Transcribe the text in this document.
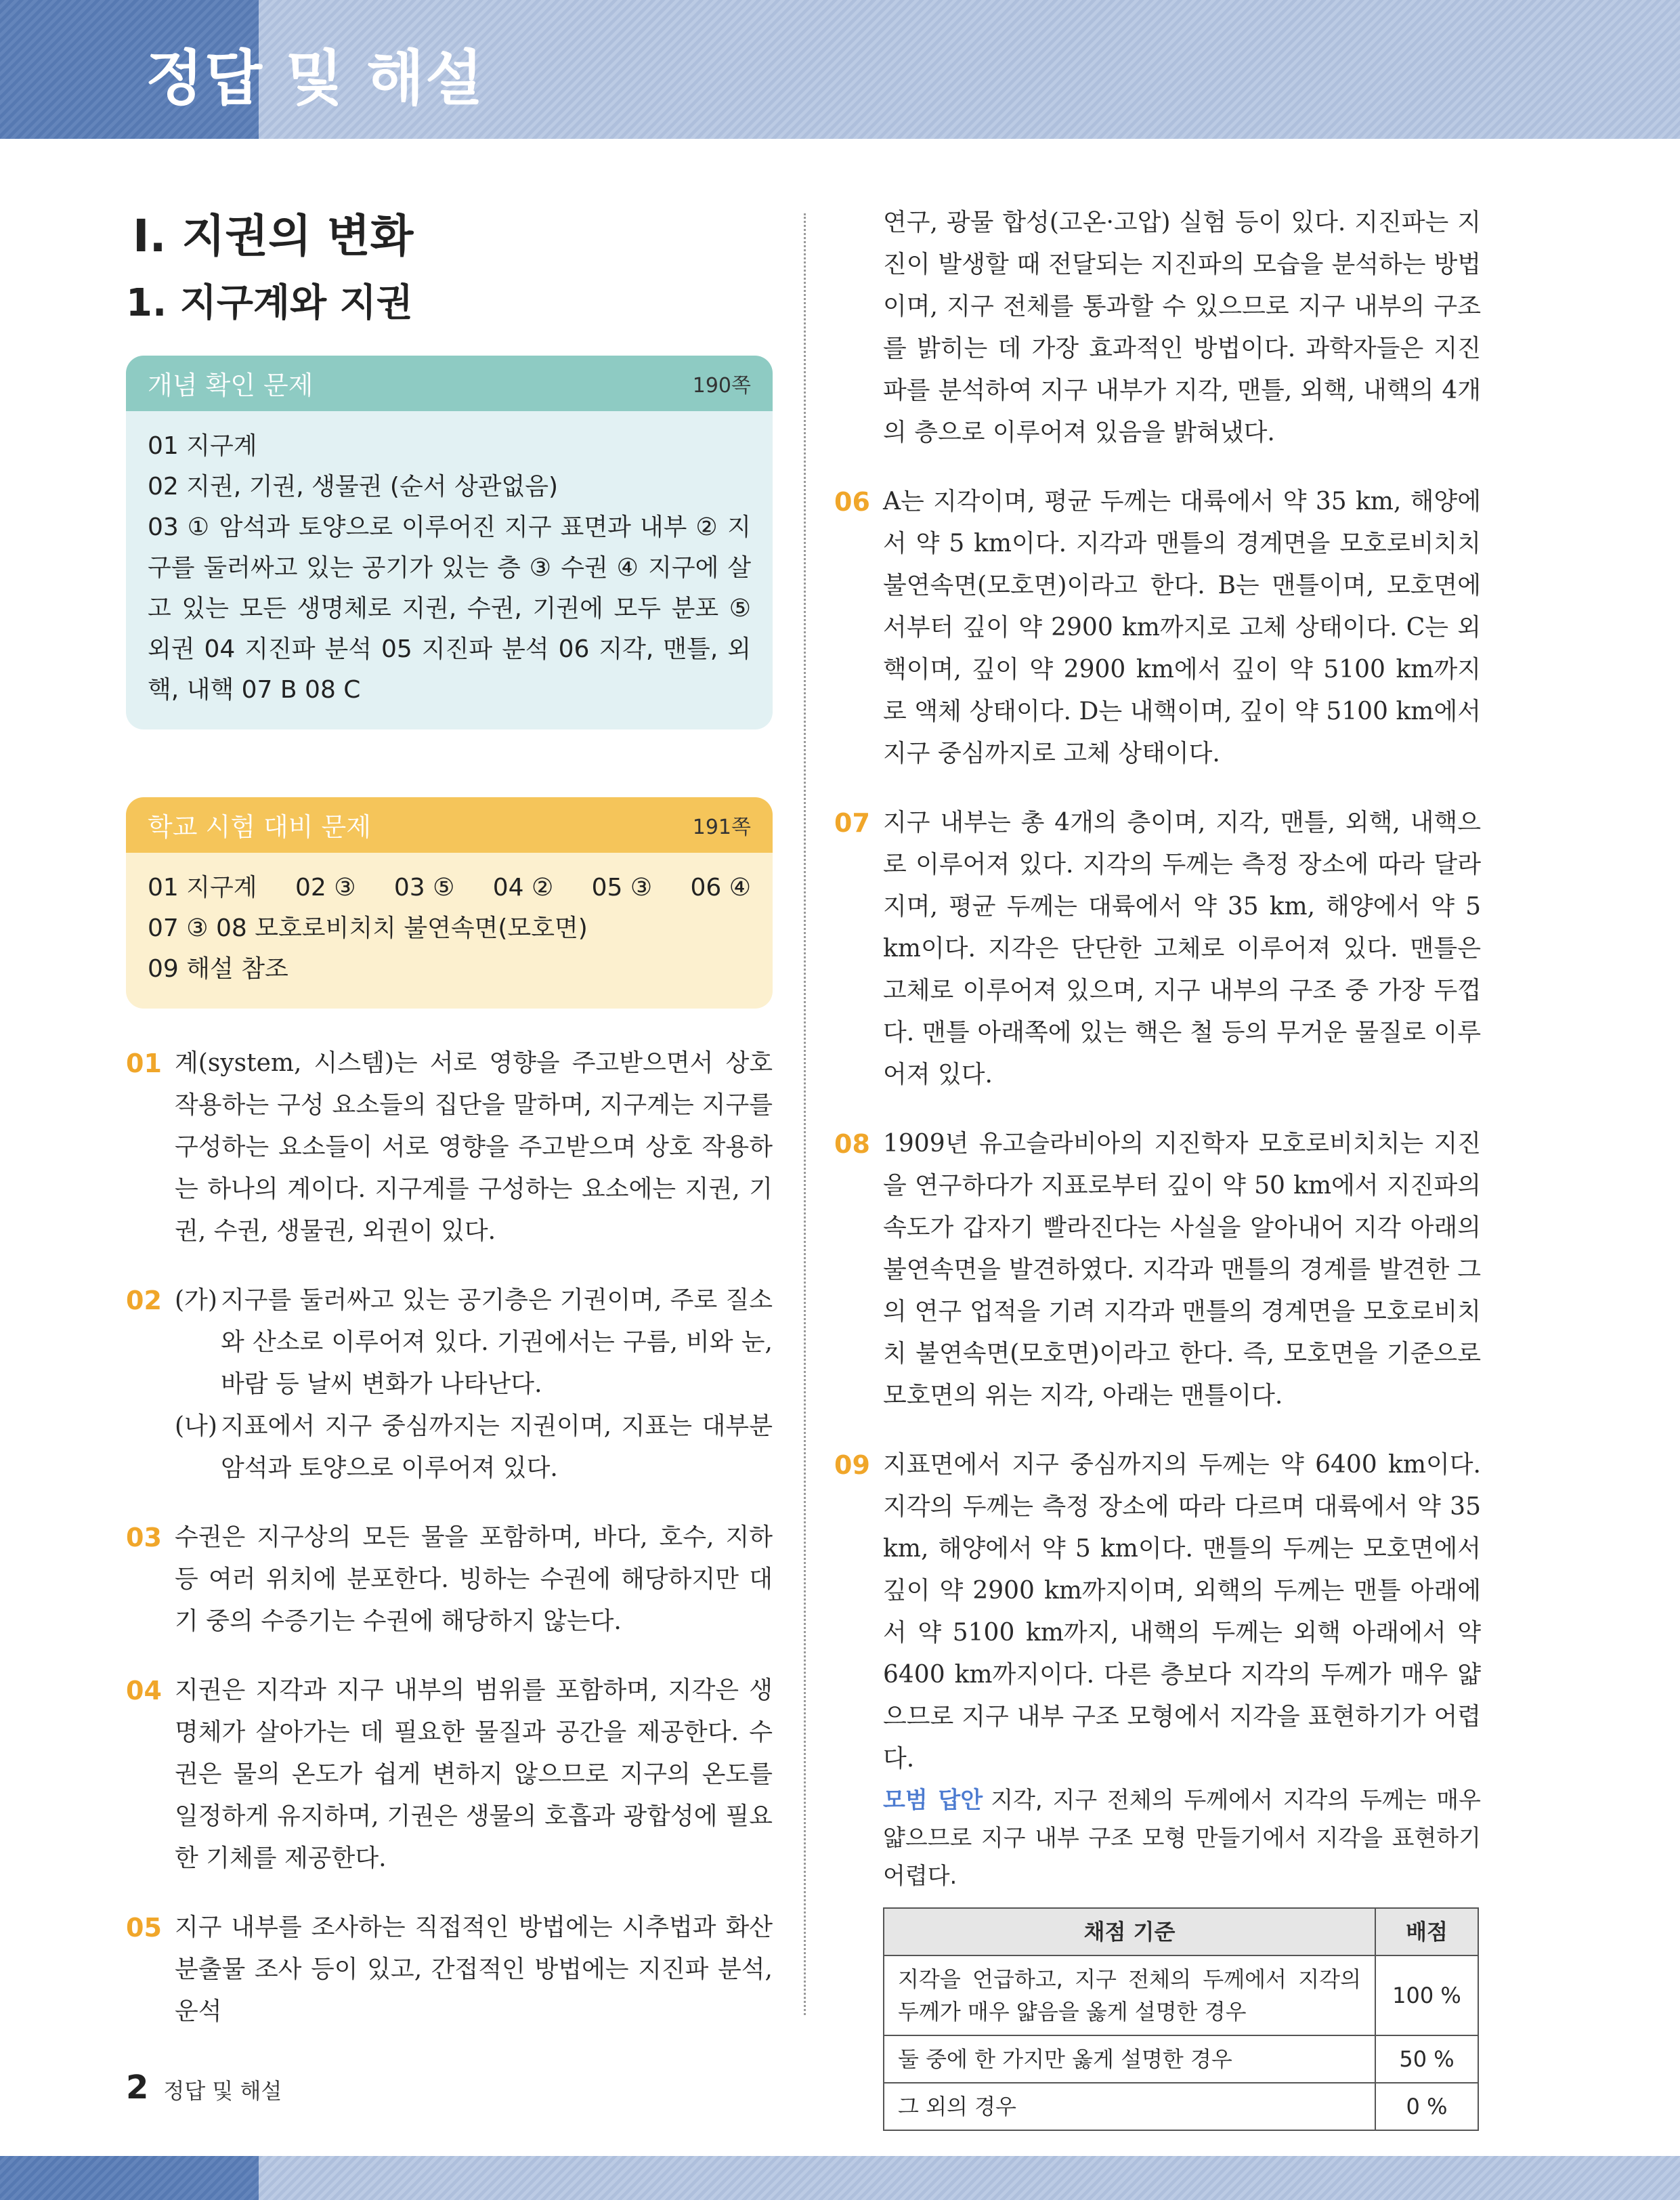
정답 및 해설
Ⅰ. 지권의 변화
1. 지구계와 지권
개념 확인 문제	190쪽
01 지구계
02 지권, 기권, 생물권 (순서 상관없음)
03 ① 암석과 토양으로 이루어진 지구 표면과 내부 ② 지구를 둘러싸고 있는 공기가 있는 층 ③ 수권 ④ 지구에 살고 있는 모든 생명체로 지권, 수권, 기권에 모두 분포 ⑤ 외권 04 지진파 분석 05 지진파 분석 06 지각, 맨틀, 외핵, 내핵 07 B 08 C
학교 시험 대비 문제	191쪽
01 지구계 02 ③ 03 ⑤ 04 ② 05 ③ 06 ④
07 ③ 08 모호로비치치 불연속면(모호면)
09 해설 참조
01 계(system, 시스템)는 서로 영향을 주고받으면서 상호 작용하는 구성 요소들의 집단을 말하며, 지구계는 지구를 구성하는 요소들이 서로 영향을 주고받으며 상호 작용하는 하나의 계이다. 지구계를 구성하는 요소에는 지권, 기권, 수권, 생물권, 외권이 있다.
02 (가) 지구를 둘러싸고 있는 공기층은 기권이며, 주로 질소와 산소로 이루어져 있다. 기권에서는 구름, 비와 눈, 바람 등 날씨 변화가 나타난다.
(나) 지표에서 지구 중심까지는 지권이며, 지표는 대부분 암석과 토양으로 이루어져 있다.
03 수권은 지구상의 모든 물을 포함하며, 바다, 호수, 지하 등 여러 위치에 분포한다. 빙하는 수권에 해당하지만 대기 중의 수증기는 수권에 해당하지 않는다.
04 지권은 지각과 지구 내부의 범위를 포함하며, 지각은 생명체가 살아가는 데 필요한 물질과 공간을 제공한다. 수권은 물의 온도가 쉽게 변하지 않으므로 지구의 온도를 일정하게 유지하며, 기권은 생물의 호흡과 광합성에 필요한 기체를 제공한다.
05 지구 내부를 조사하는 직접적인 방법에는 시추법과 화산 분출물 조사 등이 있고, 간접적인 방법에는 지진파 분석, 운석
연구, 광물 합성(고온·고압) 실험 등이 있다. 지진파는 지진이 발생할 때 전달되는 지진파의 모습을 분석하는 방법이며, 지구 전체를 통과할 수 있으므로 지구 내부의 구조를 밝히는 데 가장 효과적인 방법이다. 과학자들은 지진파를 분석하여 지구 내부가 지각, 맨틀, 외핵, 내핵의 4개의 층으로 이루어져 있음을 밝혀냈다.
06 A는 지각이며, 평균 두께는 대륙에서 약 35 km, 해양에서 약 5 km이다. 지각과 맨틀의 경계면을 모호로비치치 불연속면(모호면)이라고 한다. B는 맨틀이며, 모호면에서부터 깊이 약 2900 km까지로 고체 상태이다. C는 외핵이며, 깊이 약 2900 km에서 깊이 약 5100 km까지로 액체 상태이다. D는 내핵이며, 깊이 약 5100 km에서 지구 중심까지로 고체 상태이다.
07 지구 내부는 총 4개의 층이며, 지각, 맨틀, 외핵, 내핵으로 이루어져 있다. 지각의 두께는 측정 장소에 따라 달라지며, 평균 두께는 대륙에서 약 35 km, 해양에서 약 5 km이다. 지각은 단단한 고체로 이루어져 있다. 맨틀은 고체로 이루어져 있으며, 지구 내부의 구조 중 가장 두껍다. 맨틀 아래쪽에 있는 핵은 철 등의 무거운 물질로 이루어져 있다.
08 1909년 유고슬라비아의 지진학자 모호로비치치는 지진을 연구하다가 지표로부터 깊이 약 50 km에서 지진파의 속도가 갑자기 빨라진다는 사실을 알아내어 지각 아래의 불연속면을 발견하였다. 지각과 맨틀의 경계를 발견한 그의 연구 업적을 기려 지각과 맨틀의 경계면을 모호로비치치 불연속면(모호면)이라고 한다. 즉, 모호면을 기준으로 모호면의 위는 지각, 아래는 맨틀이다.
09 지표면에서 지구 중심까지의 두께는 약 6400 km이다. 지각의 두께는 측정 장소에 따라 다르며 대륙에서 약 35 km, 해양에서 약 5 km이다. 맨틀의 두께는 모호면에서 깊이 약 2900 km까지이며, 외핵의 두께는 맨틀 아래에서 약 5100 km까지, 내핵의 두께는 외핵 아래에서 약 6400 km까지이다. 다른 층보다 지각의 두께가 매우 얇으므로 지구 내부 구조 모형에서 지각을 표현하기가 어렵다.
모범 답안 지각, 지구 전체의 두께에서 지각의 두께는 매우 얇으므로 지구 내부 구조 모형 만들기에서 지각을 표현하기 어렵다.
채점 기준	배점
지각을 언급하고, 지구 전체의 두께에서 지각의 두께가 매우 얇음을 옳게 설명한 경우	100 %
둘 중에 한 가지만 옳게 설명한 경우	50 %
그 외의 경우	0 %
2 정답 및 해설
